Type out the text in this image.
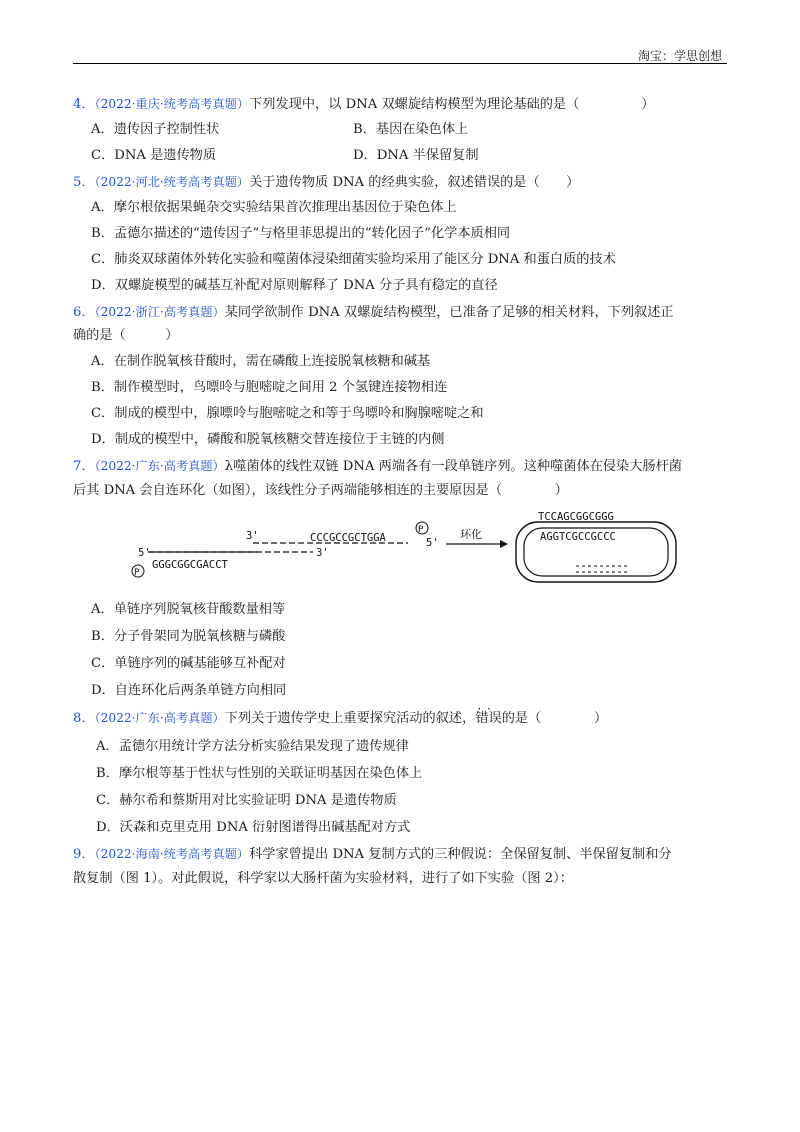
淘宝：学思创想
4．（2022·重庆·统考高考真题）下列发现中，以 DNA 双螺旋结构模型为理论基础的是（	）
A．遗传因子控制性状	B．基因在染色体上
C．DNA 是遗传物质	D．DNA 半保留复制
5．（2022·河北·统考高考真题）关于遗传物质 DNA 的经典实验，叙述错误的是（　　）
A．摩尔根依据果蝇杂交实验结果首次推理出基因位于染色体上
B．孟德尔描述的“遗传因子”与格里菲思提出的“转化因子”化学本质相同
C．肺炎双球菌体外转化实验和噬菌体浸染细菌实验均采用了能区分 DNA 和蛋白质的技术
D．双螺旋模型的碱基互补配对原则解释了 DNA 分子具有稳定的直径
6．（2022·浙江·高考真题）某同学欲制作 DNA 双螺旋结构模型，已准备了足够的相关材料，下列叙述正
确的是（　　　）
A．在制作脱氧核苷酸时，需在磷酸上连接脱氧核糖和碱基
B．制作模型时，鸟嘌呤与胞嘧啶之间用 2 个氢键连接物相连
C．制成的模型中，腺嘌呤与胞嘧啶之和等于鸟嘌呤和胸腺嘧啶之和
D．制成的模型中，磷酸和脱氧核糖交替连接位于主链的内侧
7．（2022·广东·高考真题）λ噬菌体的线性双链 DNA 两端各有一段单链序列。这种噬菌体在侵染大肠杆菌
后其 DNA 会自连环化（如图），该线性分子两端能够相连的主要原因是（　　　　）
CCCGCCGCTGGA
3'
5'
P
GGGCGGCGACCT
3'
5'
P
环化
TCCAGCGGCGGG
AGGTCGCCGCCC
A．单链序列脱氧核苷酸数量相等
B．分子骨架同为脱氧核糖与磷酸
C．单链序列的碱基能够互补配对
D．自连环化后两条单链方向相同
8．（2022·广东·高考真题）下列关于遗传学史上重要探究活动的叙述，· · 错误的是（　　　　）
A．孟德尔用统计学方法分析实验结果发现了遗传规律
B．摩尔根等基于性状与性别的关联证明基因在染色体上
C．赫尔希和蔡斯用对比实验证明 DNA 是遗传物质
D．沃森和克里克用 DNA 衍射图谱得出碱基配对方式
9．（2022·海南·统考高考真题）科学家曾提出 DNA 复制方式的三种假说：全保留复制、半保留复制和分
散复制（图 1）。对此假说，科学家以大肠杆菌为实验材料，进行了如下实验（图 2）：
